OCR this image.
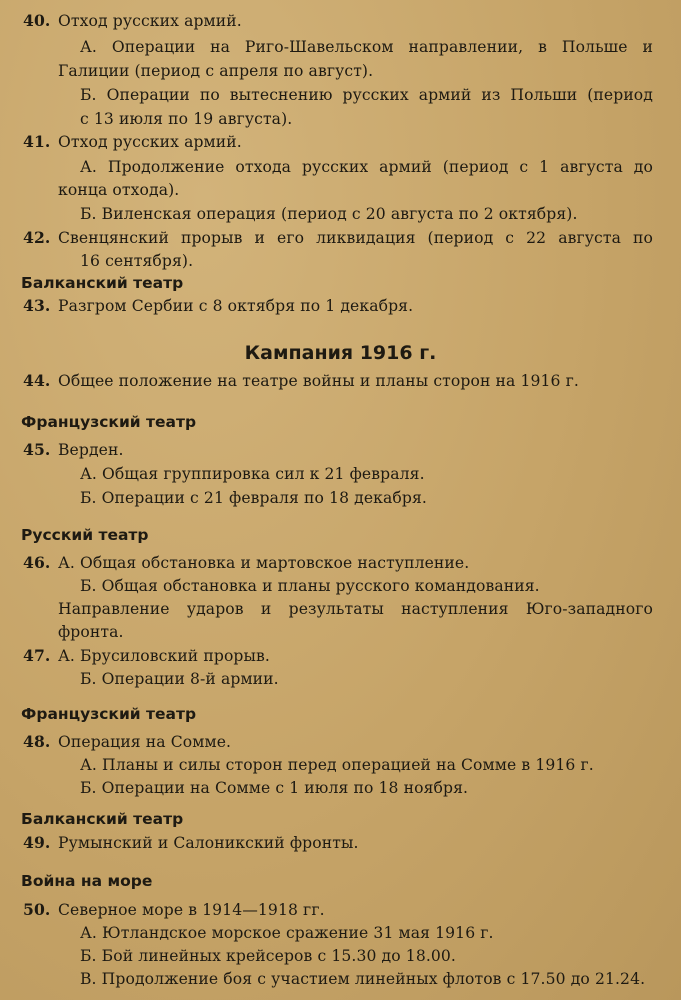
40. Отход русских армий.
А. Операции на Риго-Шавельском направлении, в Польше и
Галиции (период с апреля по август).
Б. Операции по вытеснению русских армий из Польши (период
с 13 июля по 19 августа).
41. Отход русских армий.
А. Продолжение отхода русских армий (период с 1 августа до
конца отхода).
Б. Виленская операция (период с 20 августа по 2 октября).
42. Свенцянский прорыв и его ликвидация (период с 22 августа по
16 сентября).
Балканский театр
43. Разгром Сербии с 8 октября по 1 декабря.
Кампания 1916 г.
44. Общее положение на театре войны и планы сторон на 1916 г.
Французский театр
45. Верден.
А. Общая группировка сил к 21 февраля.
Б. Операции с 21 февраля по 18 декабря.
Русский театр
46. А. Общая обстановка и мартовское наступление.
Б. Общая обстановка и планы русского командования.
Направление ударов и результаты наступления Юго-западного
фронта.
47. А. Брусиловский прорыв.
Б. Операции 8-й армии.
Французский театр
48. Операция на Сомме.
А. Планы и силы сторон перед операцией на Сомме в 1916 г.
Б. Операции на Сомме с 1 июля по 18 ноября.
Балканский театр
49. Румынский и Салоникский фронты.
Война на море
50. Северное море в 1914—1918 гг.
А. Ютландское морское сражение 31 мая 1916 г.
Б. Бой линейных крейсеров с 15.30 до 18.00.
В. Продолжение боя с участием линейных флотов с 17.50 до 21.24.
